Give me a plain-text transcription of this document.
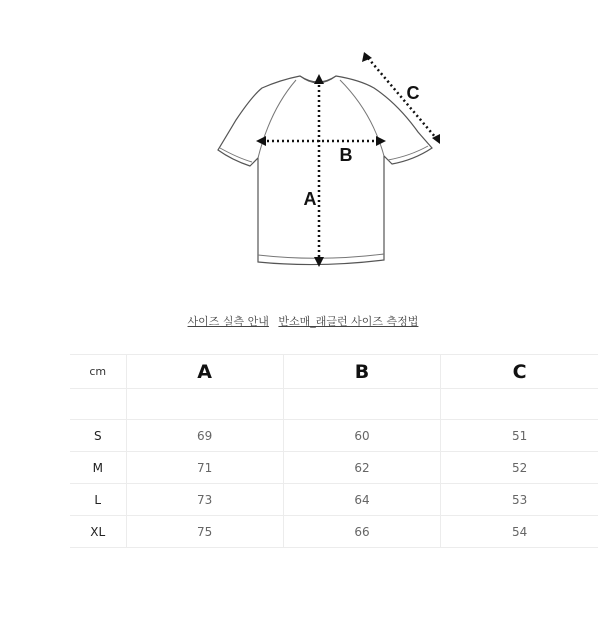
A
B
C
사이즈 실측 안내 반소매_래글런 사이즈 측정법
cm	A	B	C

S	69	60	51
M	71	62	52
L	73	64	53
XL	75	66	54
